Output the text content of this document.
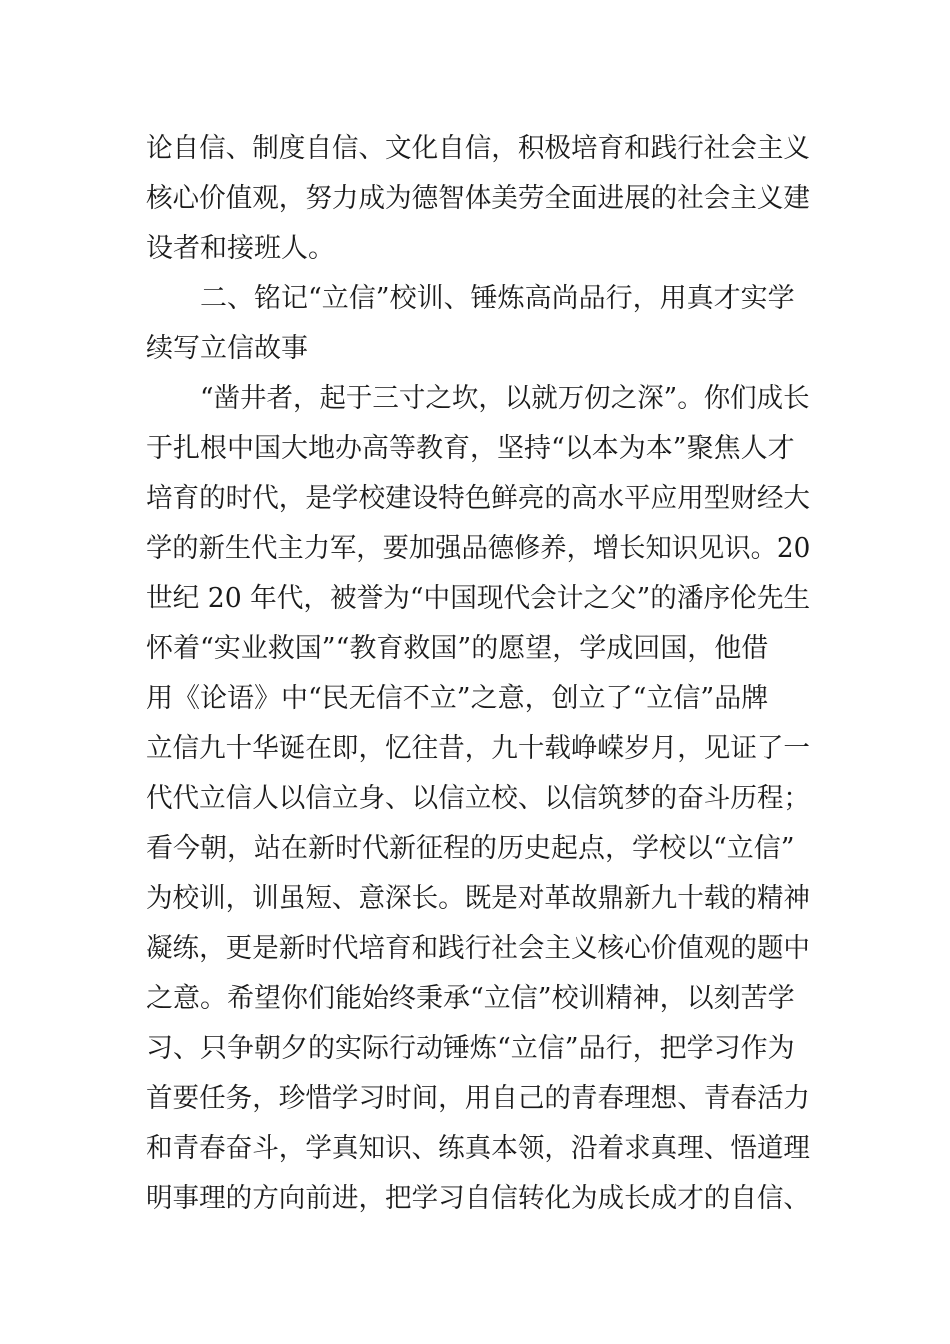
论自信、制度自信、文化自信，积极培育和践行社会主义
核心价值观，努力成为德智体美劳全面进展的社会主义建
设者和接班人。
二、铭记“立信”校训、锤炼高尚品行，用真才实学
续写立信故事
“凿井者，起于三寸之坎，以就万仞之深”。你们成长
于扎根中国大地办高等教育，坚持“以本为本”聚焦人才
培育的时代，是学校建设特色鲜亮的高水平应用型财经大
学的新生代主力军，要加强品德修养，增长知识见识。20
世纪 20 年代，被誉为“中国现代会计之父”的潘序伦先生
怀着“实业救国”“教育救国”的愿望，学成回国，他借
用《论语》中“民无信不立”之意，创立了“立信”品牌
立信九十华诞在即，忆往昔，九十载峥嵘岁月，见证了一
代代立信人以信立身、以信立校、以信筑梦的奋斗历程；
看今朝，站在新时代新征程的历史起点，学校以“立信”
为校训，训虽短、意深长。既是对革故鼎新九十载的精神
凝练，更是新时代培育和践行社会主义核心价值观的题中
之意。希望你们能始终秉承“立信”校训精神，以刻苦学
习、只争朝夕的实际行动锤炼“立信”品行，把学习作为
首要任务，珍惜学习时间，用自己的青春理想、青春活力
和青春奋斗，学真知识、练真本领，沿着求真理、悟道理
明事理的方向前进，把学习自信转化为成长成才的自信、
